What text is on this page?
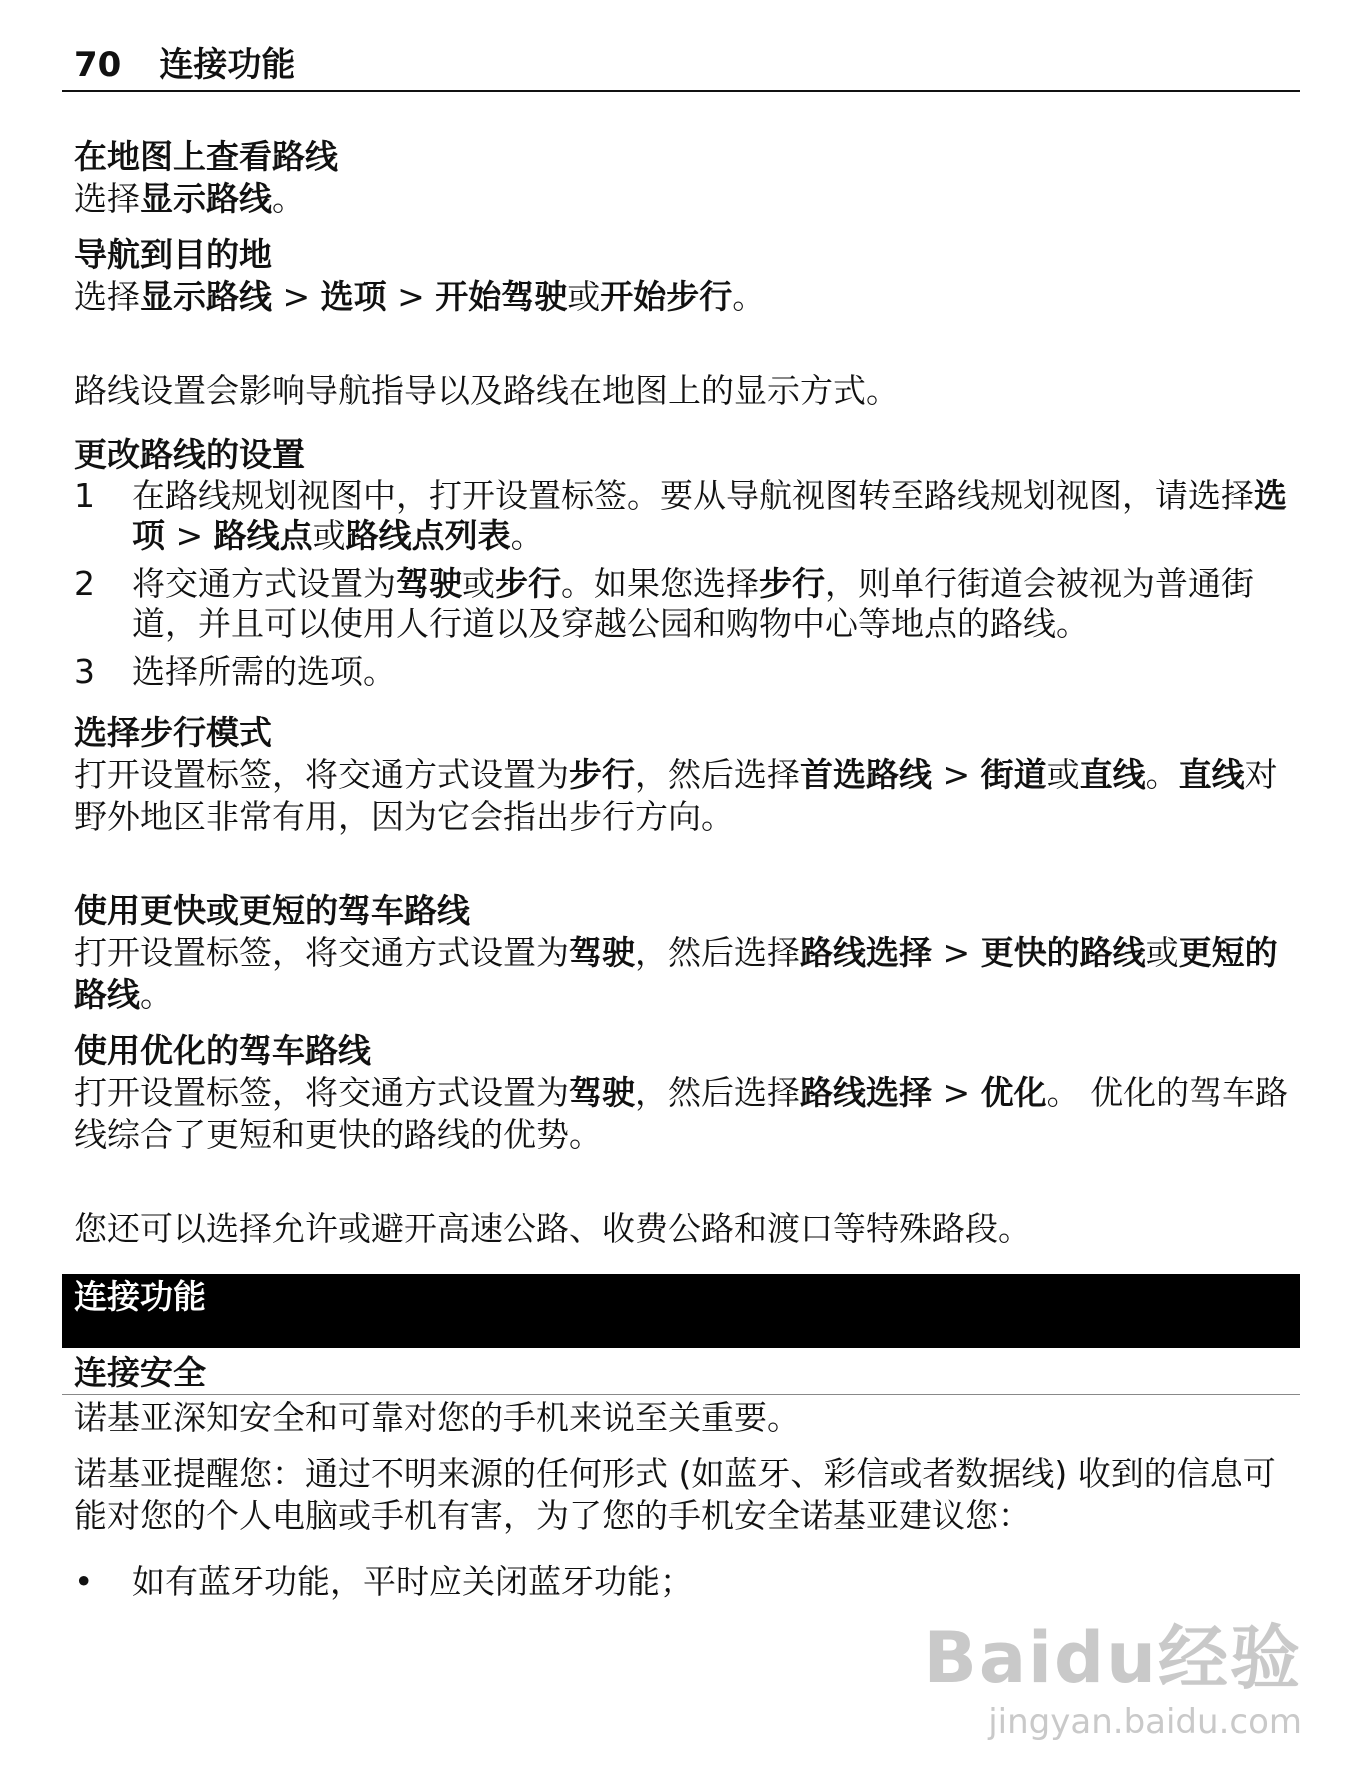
70 连接功能
在地图上查看路线
选择显示路线。
导航到目的地
选择显示路线 > 选项 > 开始驾驶或开始步行。
路线设置会影响导航指导以及路线在地图上的显示方式。
更改路线的设置
1	在路线规划视图中，打开设置标签。要从导航视图转至路线规划视图，请选择选项 > 路线点或路线点列表。
2	将交通方式设置为驾驶或步行。如果您选择步行，则单行街道会被视为普通街道，并且可以使用人行道以及穿越公园和购物中心等地点的路线。
3	选择所需的选项。
选择步行模式
打开设置标签，将交通方式设置为步行，然后选择首选路线 > 街道或直线。直线对野外地区非常有用，因为它会指出步行方向。
使用更快或更短的驾车路线
打开设置标签，将交通方式设置为驾驶，然后选择路线选择 > 更快的路线或更短的路线。
使用优化的驾车路线
打开设置标签，将交通方式设置为驾驶，然后选择路线选择 > 优化。 优化的驾车路线综合了更短和更快的路线的优势。
您还可以选择允许或避开高速公路、收费公路和渡口等特殊路段。
连接功能
连接安全
诺基亚深知安全和可靠对您的手机来说至关重要。
诺基亚提醒您：通过不明来源的任何形式 (如蓝牙、彩信或者数据线) 收到的信息可能对您的个人电脑或手机有害，为了您的手机安全诺基亚建议您：
•	如有蓝牙功能，平时应关闭蓝牙功能；
Baidu经验
jingyan.baidu.com
